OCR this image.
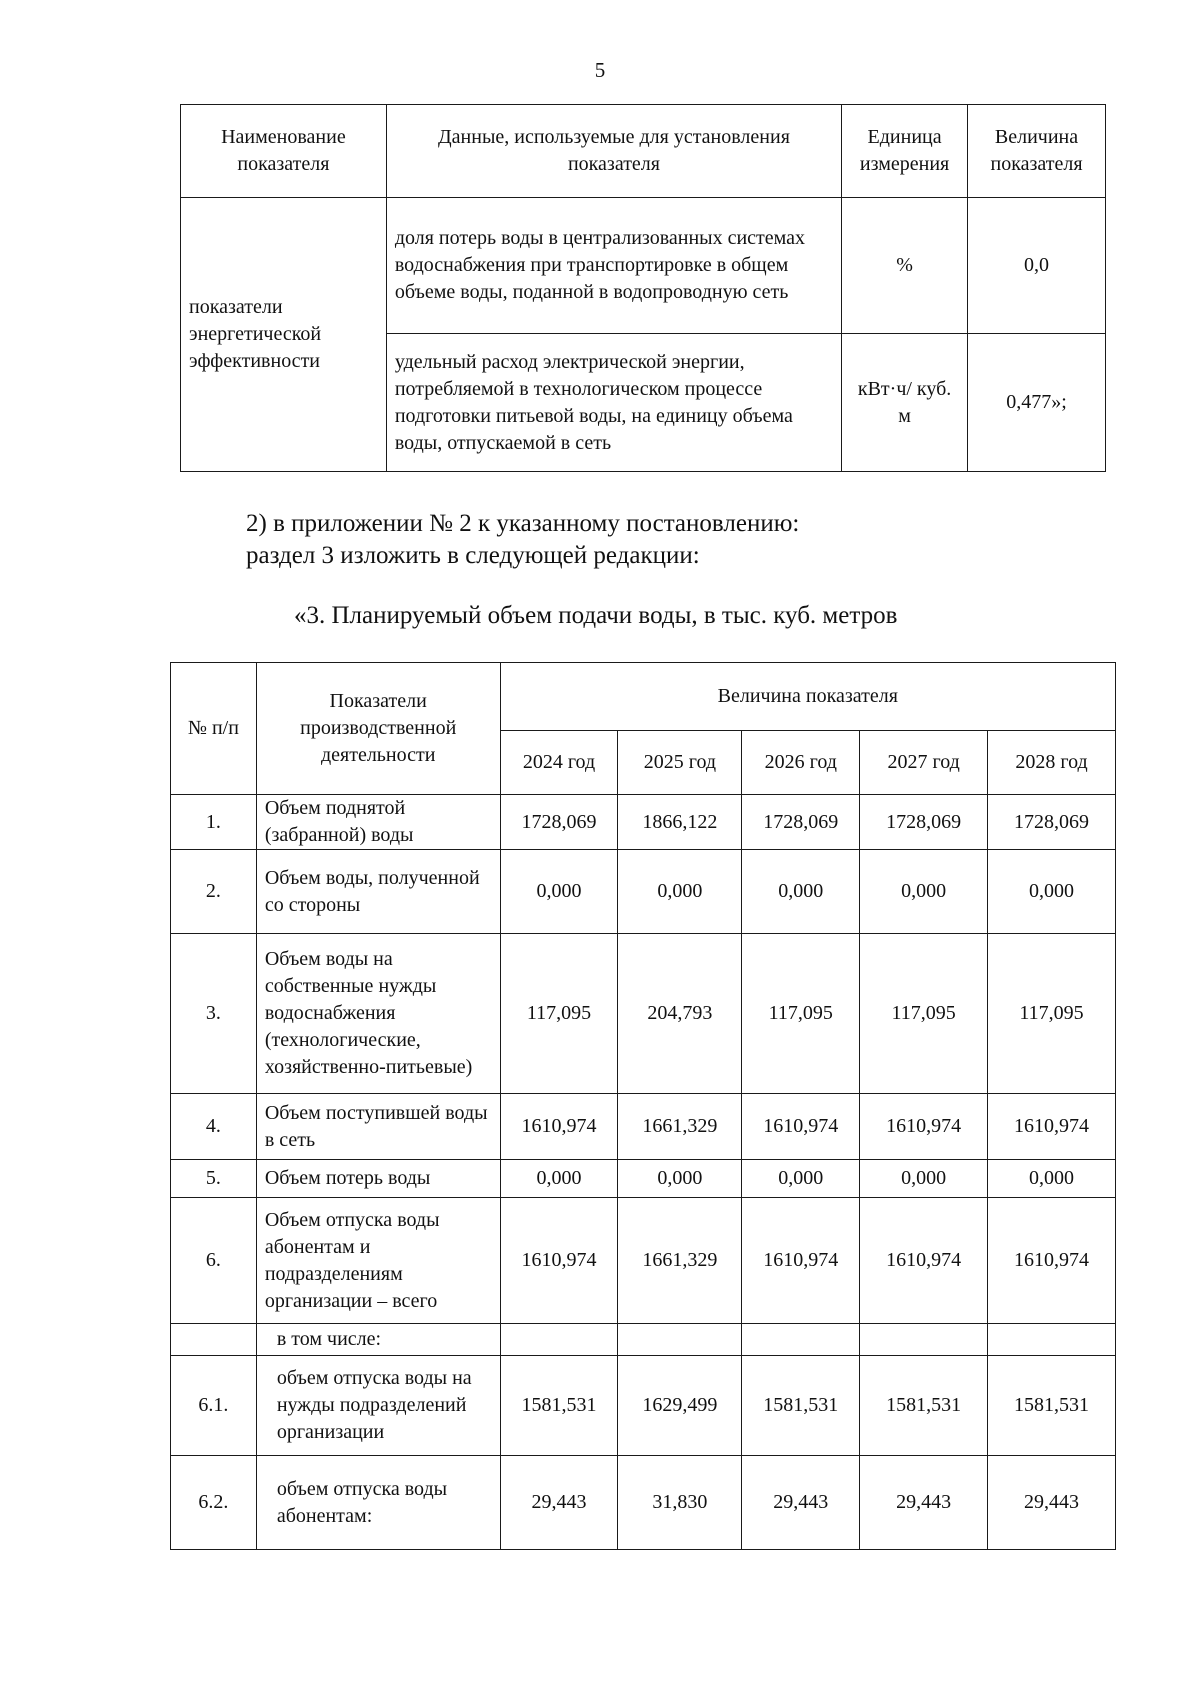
5
Наименование показателя	Данные, используемые для установления показателя	Единица измерения	Величина показателя
показатели энергетической эффективности	доля потерь воды в централизованных системах водоснабжения при транспортировке в общем объеме воды, поданной в водопроводную сеть	%	0,0
	удельный расход электрической энергии, потребляемой в технологическом процессе подготовки питьевой воды, на единицу объема воды, отпускаемой в сеть	кВт·ч/ куб. м	0,477»;
2) в приложении № 2 к указанному постановлению:
раздел 3 изложить в следующей редакции:
«3. Планируемый объем подачи воды, в тыс. куб. метров
№ п/п	Показатели производственной деятельности	Величина показателя				
		2024 год	2025 год	2026 год	2027 год	2028 год
1.	Объем поднятой (забранной) воды	1728,069	1866,122	1728,069	1728,069	1728,069
2.	Объем воды, полученной со стороны	0,000	0,000	0,000	0,000	0,000
3.	Объем воды на собственные нужды водоснабжения (технологические, хозяйственно-питьевые)	117,095	204,793	117,095	117,095	117,095
4.	Объем поступившей воды в сеть	1610,974	1661,329	1610,974	1610,974	1610,974
5.	Объем потерь воды	0,000	0,000	0,000	0,000	0,000
6.	Объем отпуска воды абонентам и подразделениям организации – всего	1610,974	1661,329	1610,974	1610,974	1610,974
	в том числе:					
6.1.	объем отпуска воды на нужды подразделений организации	1581,531	1629,499	1581,531	1581,531	1581,531
6.2.	объем отпуска воды абонентам:	29,443	31,830	29,443	29,443	29,443
